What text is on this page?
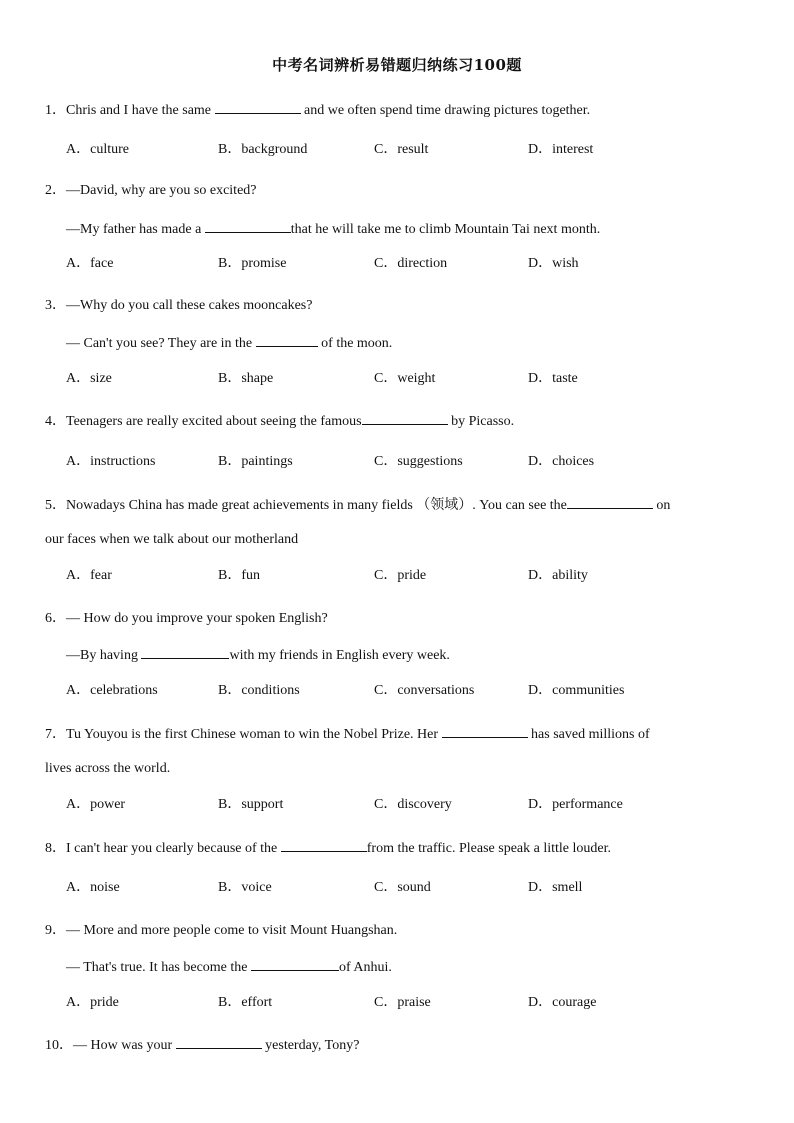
中考名词辨析易错题归纳练习100题
1．Chris and I have the same	and we often spend time drawing pictures together.
A．culture	B．background	C．result	D．interest
2．—David, why are you so excited?
—My father has made a	that he will take me to climb Mountain Tai next month.
A．face	B．promise	C．direction	D．wish
3．—Why do you call these cakes mooncakes?
— Can't you see? They are in the	of the moon.
A．size	B．shape	C．weight	D．taste
4．Teenagers are really excited about seeing the famous	by Picasso.
A．instructions	B．paintings	C．suggestions	D．choices
5．Nowadays China has made great achievements in many fields （领域）. You can see the	on
our faces when we talk about our motherland
A．fear	B．fun	C．pride	D．ability
6．— How do you improve your spoken English?
—By having	with my friends in English every week.
A．celebrations	B．conditions	C．conversations	D．communities
7．Tu Youyou is the first Chinese woman to win the Nobel Prize. Her	has saved millions of
lives across the world.
A．power	B．support	C．discovery	D．performance
8．I can't hear you clearly because of the	from the traffic. Please speak a little louder.
A．noise	B．voice	C．sound	D．smell
9．— More and more people come to visit Mount Huangshan.
— That's true. It has become the	of Anhui.
A．pride	B．effort	C．praise	D．courage
10．— How was your	yesterday, Tony?
